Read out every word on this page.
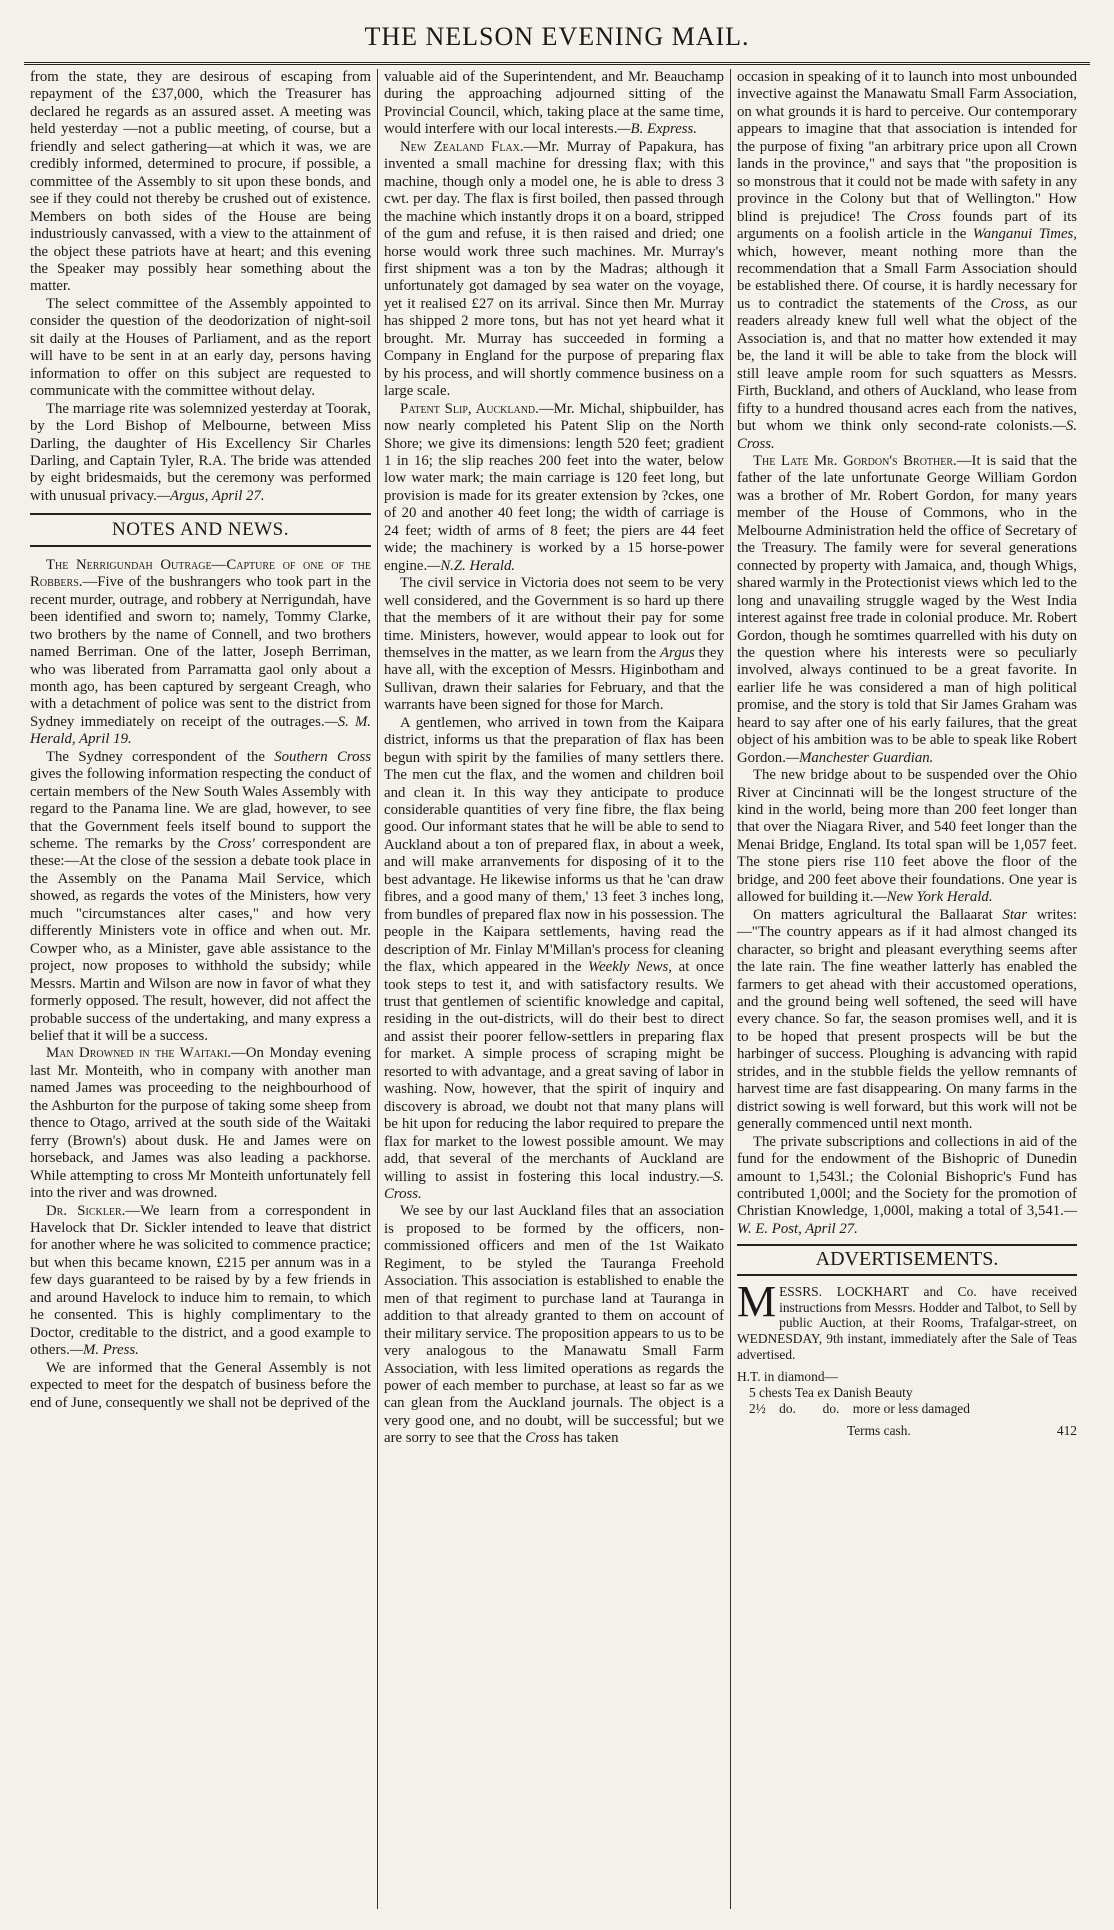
THE NELSON EVENING MAIL.

from the state, they are desirous of escaping from repayment of the £37,000, which the Treasurer has declared he regards as an assured asset. A meeting was held yesterday —not a public meeting, of course, but a friendly and select gathering—at which it was, we are credibly informed, determined to procure, if possible, a committee of the Assembly to sit upon these bonds, and see if they could not thereby be crushed out of existence. Members on both sides of the House are being industriously canvassed, with a view to the attainment of the object these patriots have at heart; and this evening the Speaker may possibly hear something about the matter.

The select committee of the Assembly appointed to consider the question of the deodorization of night-soil sit daily at the Houses of Parliament, and as the report will have to be sent in at an early day, persons having information to offer on this subject are requested to communicate with the committee without delay.

The marriage rite was solemnized yesterday at Toorak, by the Lord Bishop of Melbourne, between Miss Darling, the daughter of His Excellency Sir Charles Darling, and Captain Tyler, R.A. The bride was attended by eight bridesmaids, but the ceremony was performed with unusual privacy.—Argus, April 27.

NOTES AND NEWS.

The Nerrigundah Outrage—Capture of one of the Robbers.—Five of the bushrangers who took part in the recent murder, outrage, and robbery at Nerrigundah, have been identified and sworn to; namely, Tommy Clarke, two brothers by the name of Connell, and two brothers named Berriman. One of the latter, Joseph Berriman, who was liberated from Parramatta gaol only about a month ago, has been captured by sergeant Creagh, who with a detachment of police was sent to the district from Sydney immediately on receipt of the outrages.—S. M. Herald, April 19.

The Sydney correspondent of the Southern Cross gives the following information respecting the conduct of certain members of the New South Wales Assembly with regard to the Panama line. We are glad, however, to see that the Government feels itself bound to support the scheme. The remarks by the Cross' correspondent are these:—At the close of the session a debate took place in the Assembly on the Panama Mail Service, which showed, as regards the votes of the Ministers, how very much "circumstances alter cases," and how very differently Ministers vote in office and when out. Mr. Cowper who, as a Minister, gave able assistance to the project, now proposes to withhold the subsidy; while Messrs. Martin and Wilson are now in favor of what they formerly opposed. The result, however, did not affect the probable success of the undertaking, and many express a belief that it will be a success.

Man Drowned in the Waitaki.—On Monday evening last Mr. Monteith, who in company with another man named James was proceeding to the neighbourhood of the Ashburton for the purpose of taking some sheep from thence to Otago, arrived at the south side of the Waitaki ferry (Brown's) about dusk. He and James were on horseback, and James was also leading a packhorse. While attempting to cross Mr Monteith unfortunately fell into the river and was drowned.

Dr. Sickler.—We learn from a correspondent in Havelock that Dr. Sickler intended to leave that district for another where he was solicited to commence practice; but when this became known, £215 per annum was in a few days guaranteed to be raised by by a few friends in and around Havelock to induce him to remain, to which he consented. This is highly complimentary to the Doctor, creditable to the district, and a good example to others.—M. Press.

We are informed that the General Assembly is not expected to meet for the despatch of business before the end of June, consequently we shall not be deprived of the

valuable aid of the Superintendent, and Mr. Beauchamp during the approaching adjourned sitting of the Provincial Council, which, taking place at the same time, would interfere with our local interests.—B. Express.

New Zealand Flax.—Mr. Murray of Papakura, has invented a small machine for dressing flax; with this machine, though only a model one, he is able to dress 3 cwt. per day. The flax is first boiled, then passed through the machine which instantly drops it on a board, stripped of the gum and refuse, it is then raised and dried; one horse would work three such machines. Mr. Murray's first shipment was a ton by the Madras; although it unfortunately got damaged by sea water on the voyage, yet it realised £27 on its arrival. Since then Mr. Murray has shipped 2 more tons, but has not yet heard what it brought. Mr. Murray has succeeded in forming a Company in England for the purpose of preparing flax by his process, and will shortly commence business on a large scale.

Patent Slip, Auckland.—Mr. Michal, shipbuilder, has now nearly completed his Patent Slip on the North Shore; we give its dimensions: length 520 feet; gradient 1 in 16; the slip reaches 200 feet into the water, below low water mark; the main carriage is 120 feet long, but provision is made for its greater extension by ?ckes, one of 20 and another 40 feet long; the width of carriage is 24 feet; width of arms of 8 feet; the piers are 44 feet wide; the machinery is worked by a 15 horse-power engine.—N.Z. Herald.

The civil service in Victoria does not seem to be very well considered, and the Government is so hard up there that the members of it are without their pay for some time. Ministers, however, would appear to look out for themselves in the matter, as we learn from the Argus they have all, with the exception of Messrs. Higinbotham and Sullivan, drawn their salaries for February, and that the warrants have been signed for those for March.

A gentlemen, who arrived in town from the Kaipara district, informs us that the preparation of flax has been begun with spirit by the families of many settlers there. The men cut the flax, and the women and children boil and clean it. In this way they anticipate to produce considerable quantities of very fine fibre, the flax being good. Our informant states that he will be able to send to Auckland about a ton of prepared flax, in about a week, and will make arranvements for disposing of it to the best advantage. He likewise informs us that he 'can draw fibres, and a good many of them,' 13 feet 3 inches long, from bundles of prepared flax now in his possession. The people in the Kaipara settlements, having read the description of Mr. Finlay M'Millan's process for cleaning the flax, which appeared in the Weekly News, at once took steps to test it, and with satisfactory results. We trust that gentlemen of scientific knowledge and capital, residing in the out-districts, will do their best to direct and assist their poorer fellow-settlers in preparing flax for market. A simple process of scraping might be resorted to with advantage, and a great saving of labor in washing. Now, however, that the spirit of inquiry and discovery is abroad, we doubt not that many plans will be hit upon for reducing the labor required to prepare the flax for market to the lowest possible amount. We may add, that several of the merchants of Auckland are willing to assist in fostering this local industry.—S. Cross.

We see by our last Auckland files that an association is proposed to be formed by the officers, non-commissioned officers and men of the 1st Waikato Regiment, to be styled the Tauranga Freehold Association. This association is established to enable the men of that regiment to purchase land at Tauranga in addition to that already granted to them on account of their military service. The proposition appears to us to be very analogous to the Manawatu Small Farm Association, with less limited operations as regards the power of each member to purchase, at least so far as we can glean from the Auckland journals. The object is a very good one, and no doubt, will be successful; but we are sorry to see that the Cross has taken

occasion in speaking of it to launch into most unbounded invective against the Manawatu Small Farm Association, on what grounds it is hard to perceive. Our contemporary appears to imagine that that association is intended for the purpose of fixing "an arbitrary price upon all Crown lands in the province," and says that "the proposition is so monstrous that it could not be made with safety in any province in the Colony but that of Wellington." How blind is prejudice! The Cross founds part of its arguments on a foolish article in the Wanganui Times, which, however, meant nothing more than the recommendation that a Small Farm Association should be established there. Of course, it is hardly necessary for us to contradict the statements of the Cross, as our readers already knew full well what the object of the Association is, and that no matter how extended it may be, the land it will be able to take from the block will still leave ample room for such squatters as Messrs. Firth, Buckland, and others of Auckland, who lease from fifty to a hundred thousand acres each from the natives, but whom we think only second-rate colonists.—S. Cross.

The Late Mr. Gordon's Brother.—It is said that the father of the late unfortunate George William Gordon was a brother of Mr. Robert Gordon, for many years member of the House of Commons, who in the Melbourne Administration held the office of Secretary of the Treasury. The family were for several generations connected by property with Jamaica, and, though Whigs, shared warmly in the Protectionist views which led to the long and unavailing struggle waged by the West India interest against free trade in colonial produce. Mr. Robert Gordon, though he somtimes quarrelled with his duty on the question where his interests were so peculiarly involved, always continued to be a great favorite. In earlier life he was considered a man of high political promise, and the story is told that Sir James Graham was heard to say after one of his early failures, that the great object of his ambition was to be able to speak like Robert Gordon.—Manchester Guardian.

The new bridge about to be suspended over the Ohio River at Cincinnati will be the longest structure of the kind in the world, being more than 200 feet longer than that over the Niagara River, and 540 feet longer than the Menai Bridge, England. Its total span will be 1,057 feet. The stone piers rise 110 feet above the floor of the bridge, and 200 feet above their foundations. One year is allowed for building it.—New York Herald.

On matters agricultural the Ballaarat Star writes:—"The country appears as if it had almost changed its character, so bright and pleasant everything seems after the late rain. The fine weather latterly has enabled the farmers to get ahead with their accustomed operations, and the ground being well softened, the seed will have every chance. So far, the season promises well, and it is to be hoped that present prospects will be but the harbinger of success. Ploughing is advancing with rapid strides, and in the stubble fields the yellow remnants of harvest time are fast disappearing. On many farms in the district sowing is well forward, but this work will not be generally commenced until next month.

The private subscriptions and collections in aid of the fund for the endowment of the Bishopric of Dunedin amount to 1,543l.; the Colonial Bishopric's Fund has contributed 1,000l; and the Society for the promotion of Christian Knowledge, 1,000l, making a total of 3,541.—W. E. Post, April 27.

ADVERTISEMENTS.
MESSRS. LOCKHART and Co. have received instructions from Messrs. Hodder and Talbot, to Sell by public Auction, at their Rooms, Trafalgar-street, on WEDNESDAY, 9th instant, immediately after the Sale of Teas advertised.
H.T. in diamond—
5 chests Tea ex Danish Beauty
2½    do.        do.    more or less damaged
Terms cash.	412
